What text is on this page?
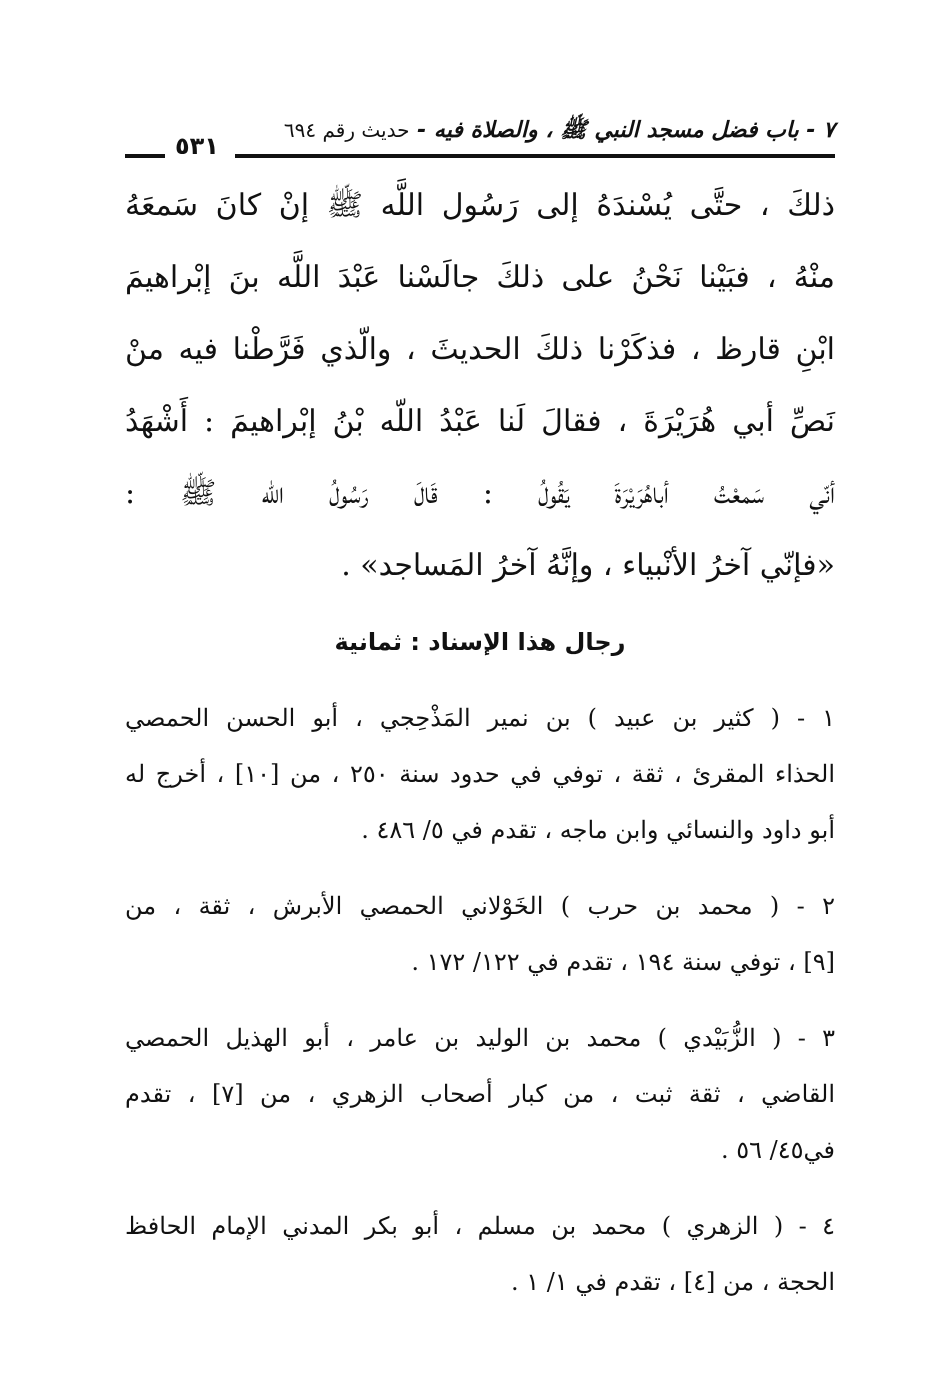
٧ - باب فضل مسجد النبي ﷺ ، والصلاة فيه - حديث رقم ٦٩٤
٥٣١
ذلكَ ، حتَّى يُسْندَهُ إلى رَسُول اللَّه ﷺ إنْ كانَ سَمعَهُ
منْهُ ، فبَيْنا نَحْنُ على ذلكَ جالَسْنا عَبْدَ اللَّه بنَ إبْراهيمَ
ابْنِ قارظ ، فذكَرْنا ذلكَ الحديثَ ، والّذي فَرَّطْنا فيه منْ
نَصِّ أبي هُرَيْرَةَ ، فقالَ لَنا عَبْدُ اللّه بْنُ إبْراهيمَ : أَشْهَدُ
أنّي سَمعْتُ أباهُرَيْرَةَ يَقُولُ : قَالَ رَسُولُ اللّه ﷺ :
«فإنّي آخرُ الأنْبياء ، وإنَّهُ آخرُ المَساجد» .
رجال هذا الإسناد : ثمانية
١ - ( كثير بن عبيد ) بن نمير المَذْحِجي ، أبو الحسن الحمصي
الحذاء المقرئ ، ثقة ، توفي في حدود سنة ٢٥٠ ، من [١٠] ، أخرج له
أبو داود والنسائي وابن ماجه ، تقدم في ٥/ ٤٨٦ .
٢ - ( محمد بن حرب ) الخَوْلاني الحمصي الأبرش ، ثقة ، من
[٩] ، توفي سنة ١٩٤ ، تقدم في ١٢٢/ ١٧٢ .
٣ - ( الزُّبَيْدي ) محمد بن الوليد بن عامر ، أبو الهذيل الحمصي
القاضي ، ثقة ثبت ، من كبار أصحاب الزهري ، من [٧] ، تقدم
في٤٥/ ٥٦ .
٤ - ( الزهري ) محمد بن مسلم ، أبو بكر المدني الإمام الحافظ
الحجة ، من [٤] ، تقدم في ١/ ١ .
